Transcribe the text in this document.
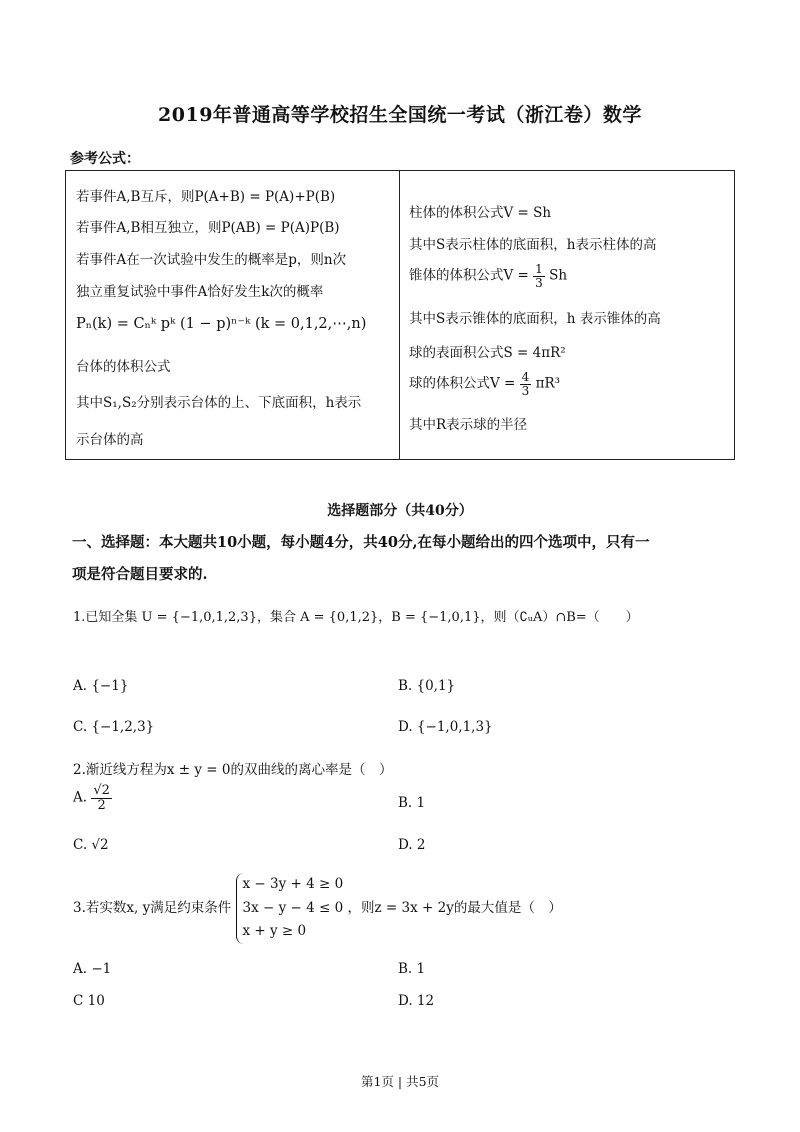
2019年普通高等学校招生全国统一考试（浙江卷）数学
参考公式：
若事件A,B互斥，则P(A+B) = P(A)+P(B)
若事件A,B相互独立，则P(AB) = P(A)P(B)
若事件A在一次试验中发生的概率是p，则n次
独立重复试验中事件A恰好发生k次的概率
Pₙ(k) = Cₙᵏ pᵏ (1 − p)ⁿ⁻ᵏ (k = 0,1,2,⋯,n)
台体的体积公式
其中S₁,S₂分别表示台体的上、下底面积，h表示
示台体的高
柱体的体积公式V = Sh
其中S表示柱体的底面积，h表示柱体的高
锥体的体积公式$V = \frac{1}{3}$ Sh
其中S表示锥体的底面积，h 表示锥体的高
球的表面积公式S = 4πR²
球的体积公式$V = \frac{4}{3} \pi R^3$
其中R表示球的半径
选择题部分（共40分）
一、选择题：本大题共10小题，每小题4分，共40分,在每小题给出的四个选项中，只有一
项是符合题目要求的.
1.已知全集 U = {−1,0,1,2,3}，集合 A = {0,1,2}，B = {−1,0,1}，则（∁ᵤA）∩B=（　　）
A. {−1}	B. {0,1}
C. {−1,2,3}	D. {−1,0,1,3}
2.渐近线方程为x ± y = 0的双曲线的离心率是（　）
A. $\frac{√2}{2}$	B. 1
C. √2	D. 2
3.若实数x, y满足约束条件
x − 3y + 4 ≥ 0
3x − y − 4 ≤ 0
x + y ≥ 0
，则z = 3x + 2y的最大值是（　）
A. −1	B. 1
C 10	D. 12
第1页 | 共5页
